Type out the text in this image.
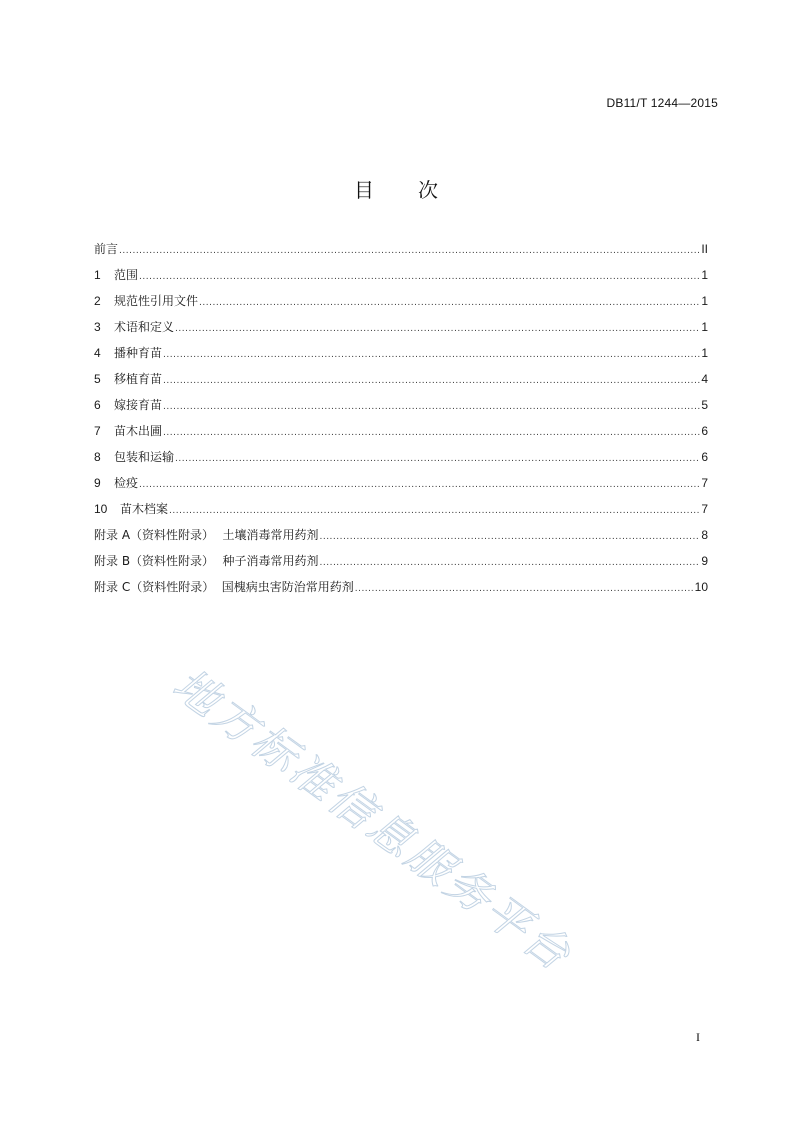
DB11/T 1244—2015
目 次
前言 .....	II
1	范围 .....	1
2	规范性引用文件 .....	1
3	术语和定义 .....	1
4	播种育苗 .....	1
5	移植育苗 .....	4
6	嫁接育苗 .....	5
7	苗木出圃 .....	6
8	包装和运输 .....	6
9	检疫 .....	7
10	苗木档案 .....	7
附录 A（资料性附录） 土壤消毒常用药剂 .....	8
附录 B（资料性附录） 种子消毒常用药剂 .....	9
附录 C（资料性附录） 国槐病虫害防治常用药剂 .....	10
地方标准信息服务平台
I
